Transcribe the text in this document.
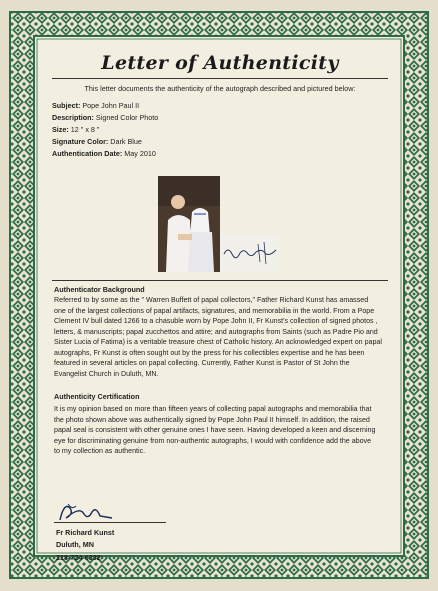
Letter of Authenticity
This letter documents the authenticity of the autograph described and pictured below:
Subject: Pope John Paul II
Description: Signed Color Photo
Size: 12 " x 8 "
Signature Color: Dark Blue
Authentication Date: May 2010
Authenticator Background
Referred to by some as the " Warren Buffett of papal collectors," Father Richard Kunst has amassed
one of the largest collections of papal artifacts, signatures, and memorabilia in the world. From a Pope
Clement IV bull dated 1266 to a chasuble worn by Pope John II, Fr Kunst's collection of signed photos ,
letters, & manuscripts; papal zucchettos and attire; and autographs from Saints (such as Padre Pio and
Sister Lucia of Fatima) is a veritable treasure chest of Catholic history. An acknowledged expert on papal
autographs, Fr Kunst is often sought out by the press for his collectibles expertise and he has been
featured in several articles on papal collecting. Currently, Father Kunst is Pastor of St John the
Evangelist Church in Duluth, MN.
Authenticity Certification
It is my opinion based on more than fifteen years of collecting papal autographs and memorabilia that
the photo shown above was authentically signed by Pope John Paul II himself. In addition, the raised
papal seal is consistent with other genuine ones I have seen. Having developed a keen and discerning
eye for discriminating genuine from non-authentic autographs, I would with confidence add the above
to my collection as authentic.
Fr Richard Kunst
Duluth, MN
218-724-6332
